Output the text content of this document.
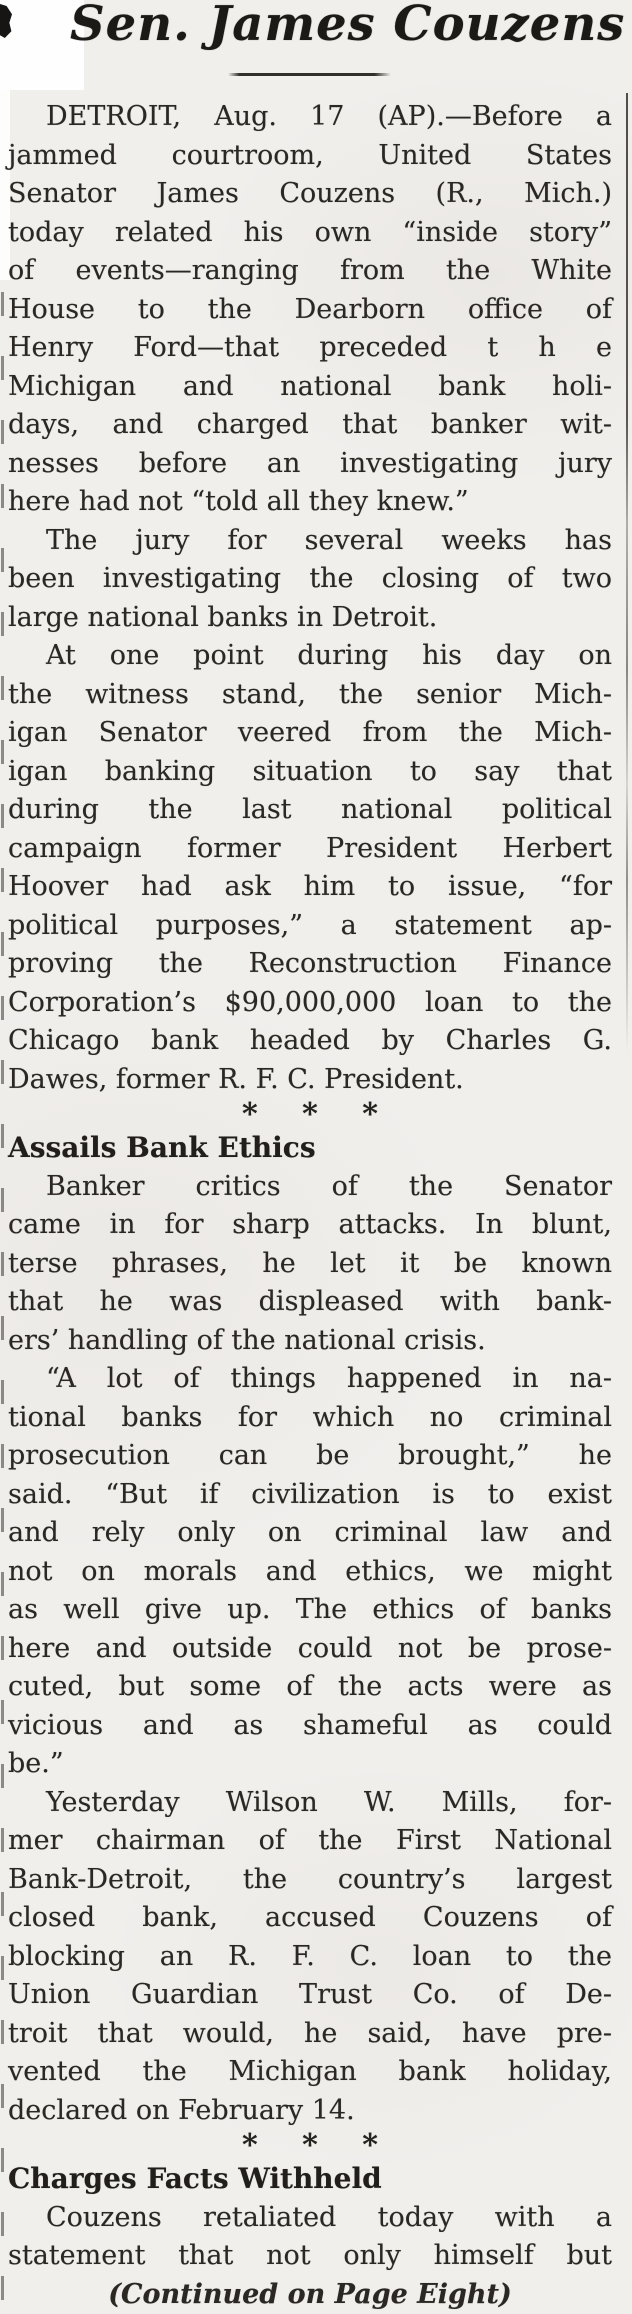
Sen. James Couzens
DETROIT, Aug. 17 (AP).—Before a
jammed courtroom, United States
Senator James Couzens (R., Mich.)
today related his own “inside story”
of events—ranging from the White
House to the Dearborn office of
Henry Ford—that preceded t h e
Michigan and national bank holi-
days, and charged that banker wit-
nesses before an investigating jury
here had not “told all they knew.”
The jury for several weeks has
been investigating the closing of two
large national banks in Detroit.
At one point during his day on
the witness stand, the senior Mich-
igan Senator veered from the Mich-
igan banking situation to say that
during the last national political
campaign former President Herbert
Hoover had ask him to issue, “for
political purposes,” a statement ap-
proving the Reconstruction Finance
Corporation’s $90,000,000 loan to the
Chicago bank headed by Charles G.
Dawes, former R. F. C. President.
* * *
Assails Bank Ethics
Banker critics of the Senator
came in for sharp attacks. In blunt,
terse phrases, he let it be known
that he was displeased with bank-
ers’ handling of the national crisis.
“A lot of things happened in na-
tional banks for which no criminal
prosecution can be brought,” he
said. “But if civilization is to exist
and rely only on criminal law and
not on morals and ethics, we might
as well give up. The ethics of banks
here and outside could not be prose-
cuted, but some of the acts were as
vicious and as shameful as could
be.”
Yesterday Wilson W. Mills, for-
mer chairman of the First National
Bank-Detroit, the country’s largest
closed bank, accused Couzens of
blocking an R. F. C. loan to the
Union Guardian Trust Co. of De-
troit that would, he said, have pre-
vented the Michigan bank holiday,
declared on February 14.
* * *
Charges Facts Withheld
Couzens retaliated today with a
statement that not only himself but
(Continued on Page Eight)
